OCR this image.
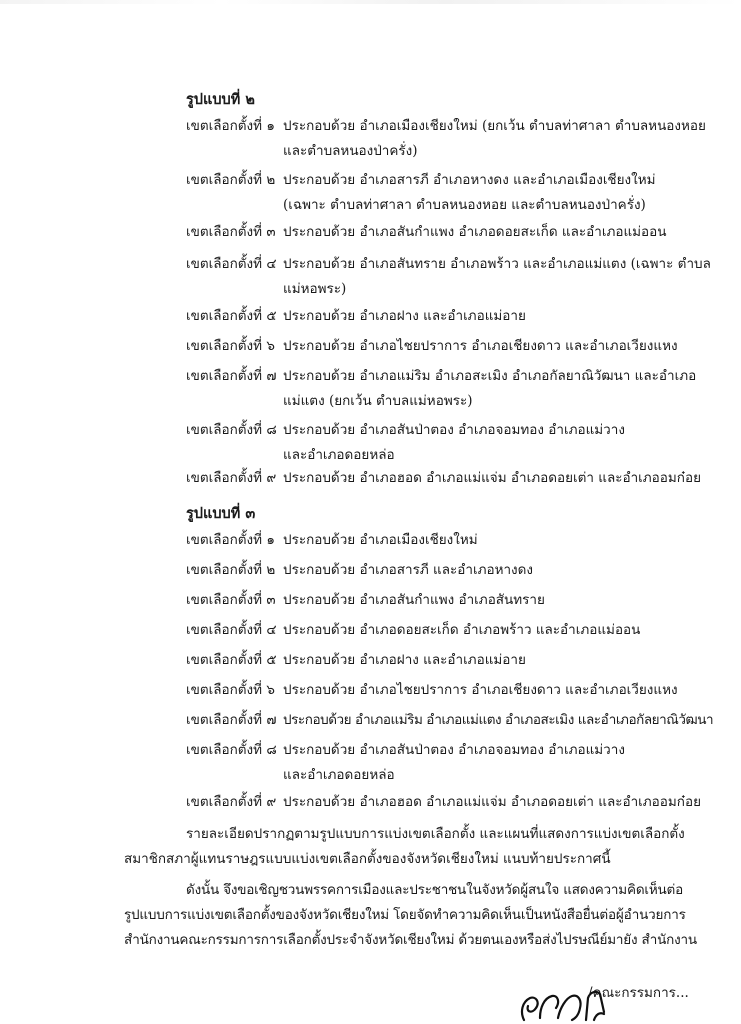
รูปแบบที่ ๒
เขตเลือกตั้งที่ ๑ ประกอบด้วย อำเภอเมืองเชียงใหม่ (ยกเว้น ตำบลท่าศาลา ตำบลหนองหอย
และตำบลหนองป่าครั่ง)
เขตเลือกตั้งที่ ๒ ประกอบด้วย อำเภอสารภี อำเภอหางดง และอำเภอเมืองเชียงใหม่
(เฉพาะ ตำบลท่าศาลา ตำบลหนองหอย และตำบลหนองป่าครั่ง)
เขตเลือกตั้งที่ ๓ ประกอบด้วย อำเภอสันกำแพง อำเภอดอยสะเก็ด และอำเภอแม่ออน
เขตเลือกตั้งที่ ๔ ประกอบด้วย อำเภอสันทราย อำเภอพร้าว และอำเภอแม่แตง (เฉพาะ ตำบล
แม่หอพระ)
เขตเลือกตั้งที่ ๕ ประกอบด้วย อำเภอฝาง และอำเภอแม่อาย
เขตเลือกตั้งที่ ๖ ประกอบด้วย อำเภอไชยปราการ อำเภอเชียงดาว และอำเภอเวียงแหง
เขตเลือกตั้งที่ ๗ ประกอบด้วย อำเภอแม่ริม อำเภอสะเมิง อำเภอกัลยาณิวัฒนา และอำเภอ
แม่แตง (ยกเว้น ตำบลแม่หอพระ)
เขตเลือกตั้งที่ ๘ ประกอบด้วย อำเภอสันป่าตอง อำเภอจอมทอง อำเภอแม่วาง
และอำเภอดอยหล่อ
เขตเลือกตั้งที่ ๙ ประกอบด้วย อำเภอฮอด อำเภอแม่แจ่ม อำเภอดอยเต่า และอำเภออมก๋อย
รูปแบบที่ ๓
เขตเลือกตั้งที่ ๑ ประกอบด้วย อำเภอเมืองเชียงใหม่
เขตเลือกตั้งที่ ๒ ประกอบด้วย อำเภอสารภี และอำเภอหางดง
เขตเลือกตั้งที่ ๓ ประกอบด้วย อำเภอสันกำแพง อำเภอสันทราย
เขตเลือกตั้งที่ ๔ ประกอบด้วย อำเภอดอยสะเก็ด อำเภอพร้าว และอำเภอแม่ออน
เขตเลือกตั้งที่ ๕ ประกอบด้วย อำเภอฝาง และอำเภอแม่อาย
เขตเลือกตั้งที่ ๖ ประกอบด้วย อำเภอไชยปราการ อำเภอเชียงดาว และอำเภอเวียงแหง
เขตเลือกตั้งที่ ๗ ประกอบด้วย อำเภอแม่ริม อำเภอแม่แตง อำเภอสะเมิง และอำเภอกัลยาณิวัฒนา
เขตเลือกตั้งที่ ๘ ประกอบด้วย อำเภอสันป่าตอง อำเภอจอมทอง อำเภอแม่วาง
และอำเภอดอยหล่อ
เขตเลือกตั้งที่ ๙ ประกอบด้วย อำเภอฮอด อำเภอแม่แจ่ม อำเภอดอยเต่า และอำเภออมก๋อย
รายละเอียดปรากฏตามรูปแบบการแบ่งเขตเลือกตั้ง และแผนที่แสดงการแบ่งเขตเลือกตั้ง
สมาชิกสภาผู้แทนราษฎรแบบแบ่งเขตเลือกตั้งของจังหวัดเชียงใหม่ แนบท้ายประกาศนี้
ดังนั้น จึงขอเชิญชวนพรรคการเมืองและประชาชนในจังหวัดผู้สนใจ แสดงความคิดเห็นต่อ
รูปแบบการแบ่งเขตเลือกตั้งของจังหวัดเชียงใหม่ โดยจัดทำความคิดเห็นเป็นหนังสือยื่นต่อผู้อำนวยการ
สำนักงานคณะกรรมการการเลือกตั้งประจำจังหวัดเชียงใหม่ ด้วยตนเองหรือส่งไปรษณีย์มายัง สำนักงาน
/คณะกรรมการ...
